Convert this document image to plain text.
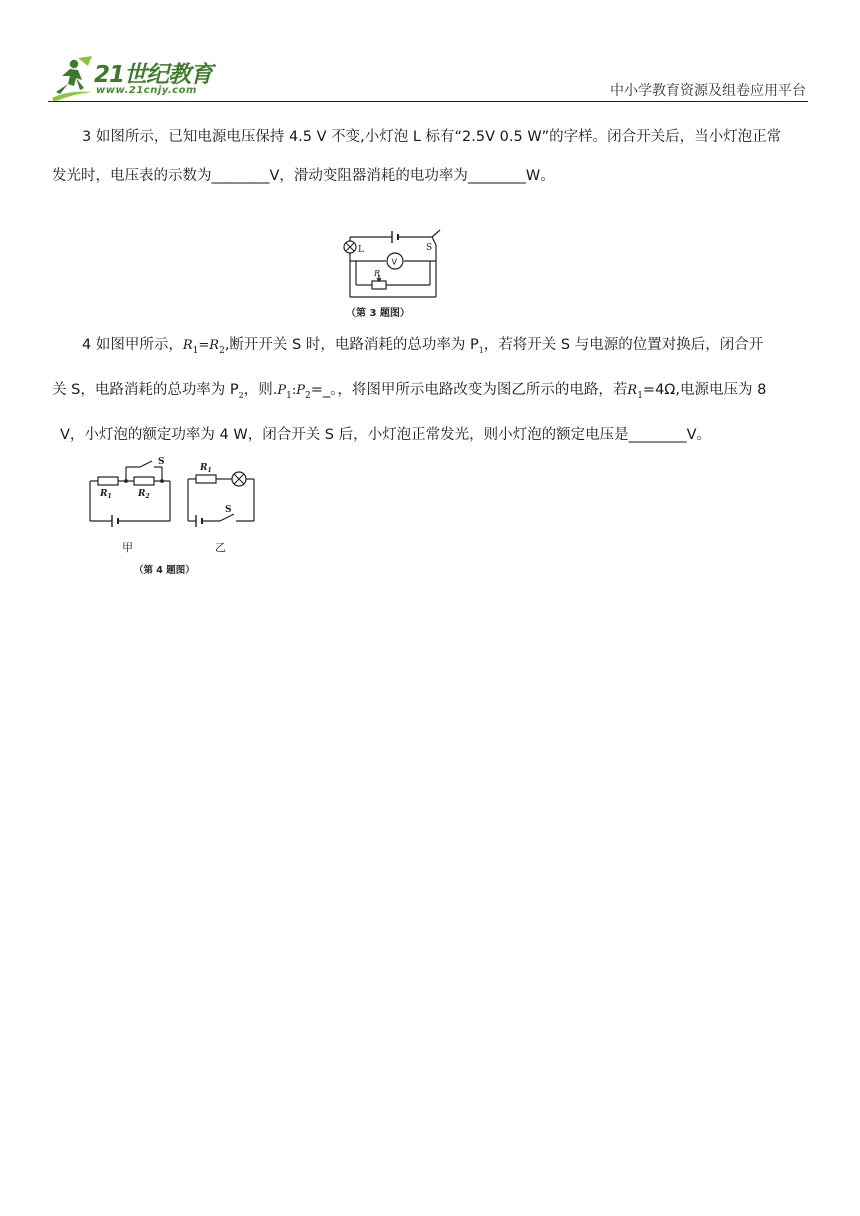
21世纪教育
www.21cnjy.com	中小学教育资源及组卷应用平台
3 如图所示，已知电源电压保持 4.5 V 不变,小灯泡 L 标有“2.5V 0.5 W”的字样。闭合开关后，当小灯泡正常
发光时，电压表的示数为________V，滑动变阻器消耗的电功率为________W。
L	S
V
R
（第 3 题图）
4 如图甲所示，$R_1=R_2$,断开开关 S 时，电路消耗的总功率为 $P_1$，若将开关 S 与电源的位置对换后，闭合开
关 S，电路消耗的总功率为 $P_2$，则$.P_1:P_2=\_$。，将图甲所示电路改变为图乙所示的电路，若$R_1=4\Omega$,电源电压为 8
V，小灯泡的额定功率为 4 W，闭合开关 S 后，小灯泡正常发光，则小灯泡的额定电压是________V。
S
$R_1$	$R_2$
甲
$R_1$
S
乙
（第 4 题图）
